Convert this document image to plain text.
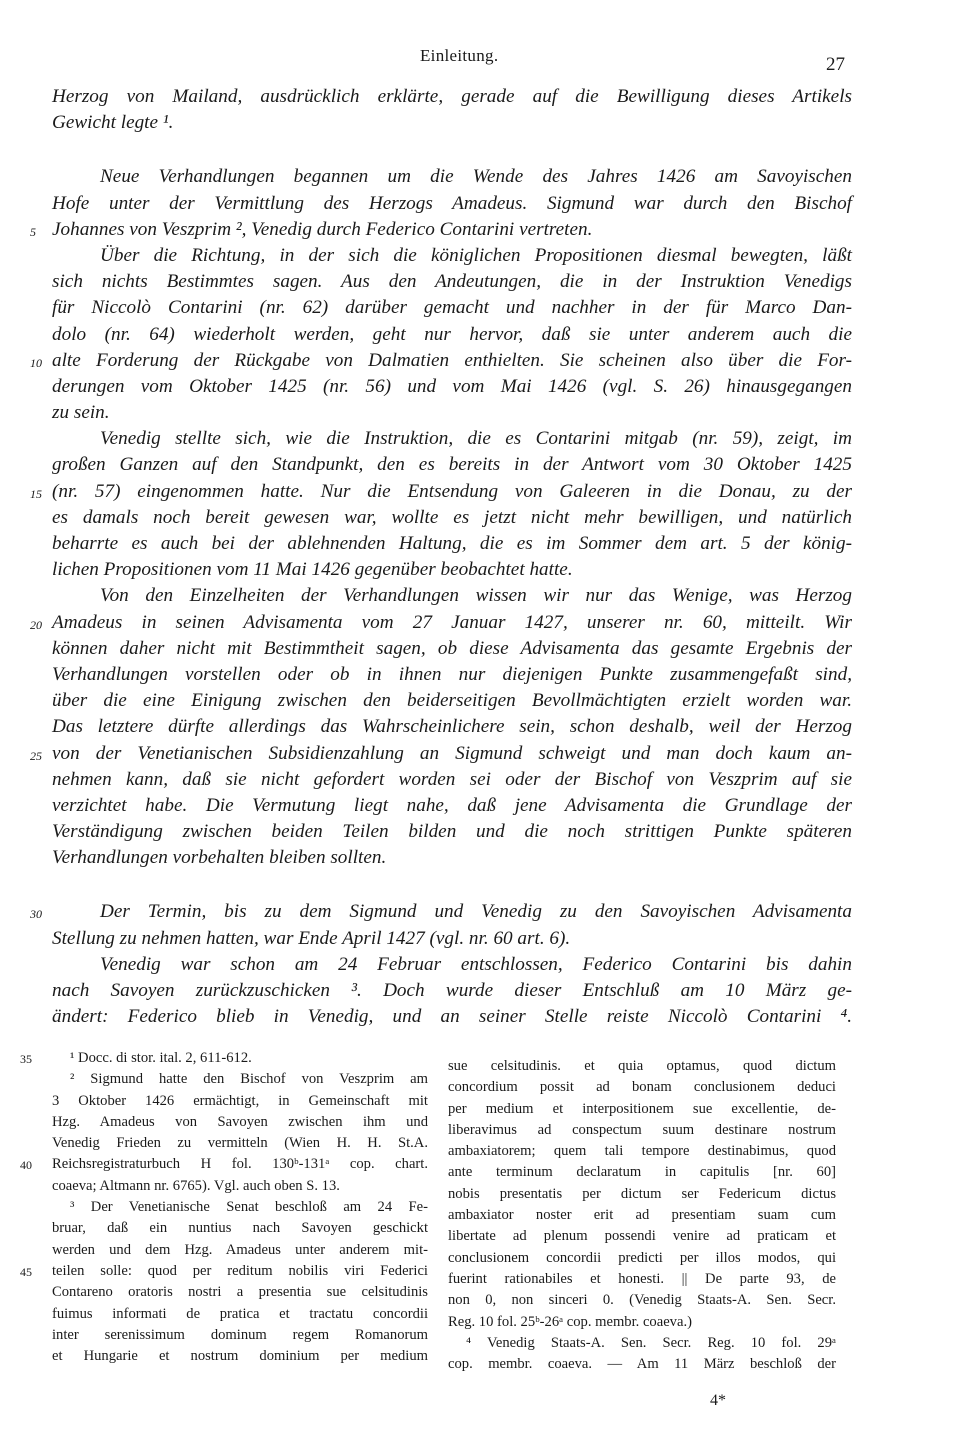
Einleitung.	27
Herzog von Mailand, ausdrücklich erklärte, gerade auf die Bewilligung dieses Artikels
Gewicht legte ¹.
Neue Verhandlungen begannen um die Wende des Jahres 1426 am Savoyischen
Hofe unter der Vermittlung des Herzogs Amadeus. Sigmund war durch den Bischof
Johannes von Veszprim ², Venedig durch Federico Contarini vertreten.
5
Über die Richtung, in der sich die königlichen Propositionen diesmal bewegten, läßt
sich nichts Bestimmtes sagen. Aus den Andeutungen, die in der Instruktion Venedigs
für Niccolò Contarini (nr. 62) darüber gemacht und nachher in der für Marco Dan-
dolo (nr. 64) wiederholt werden, geht nur hervor, daß sie unter anderem auch die
alte Forderung der Rückgabe von Dalmatien enthielten. Sie scheinen also über die For-
10
derungen vom Oktober 1425 (nr. 56) und vom Mai 1426 (vgl. S. 26) hinausgegangen
zu sein.
Venedig stellte sich, wie die Instruktion, die es Contarini mitgab (nr. 59), zeigt, im
großen Ganzen auf den Standpunkt, den es bereits in der Antwort vom 30 Oktober 1425
(nr. 57) eingenommen hatte. Nur die Entsendung von Galeeren in die Donau, zu der
15
es damals noch bereit gewesen war, wollte es jetzt nicht mehr bewilligen, und natürlich
beharrte es auch bei der ablehnenden Haltung, die es im Sommer dem art. 5 der könig-
lichen Propositionen vom 11 Mai 1426 gegenüber beobachtet hatte.
Von den Einzelheiten der Verhandlungen wissen wir nur das Wenige, was Herzog
Amadeus in seinen Advisamenta vom 27 Januar 1427, unserer nr. 60, mitteilt. Wir
20
können daher nicht mit Bestimmtheit sagen, ob diese Advisamenta das gesamte Ergebnis der
Verhandlungen vorstellen oder ob in ihnen nur diejenigen Punkte zusammengefaßt sind,
über die eine Einigung zwischen den beiderseitigen Bevollmächtigten erzielt worden war.
Das letztere dürfte allerdings das Wahrscheinlichere sein, schon deshalb, weil der Herzog
von der Venetianischen Subsidienzahlung an Sigmund schweigt und man doch kaum an-
25
nehmen kann, daß sie nicht gefordert worden sei oder der Bischof von Veszprim auf sie
verzichtet habe. Die Vermutung liegt nahe, daß jene Advisamenta die Grundlage der
Verständigung zwischen beiden Teilen bilden und die noch strittigen Punkte späteren
Verhandlungen vorbehalten bleiben sollten.
Der Termin, bis zu dem Sigmund und Venedig zu den Savoyischen Advisamenta
30
Stellung zu nehmen hatten, war Ende April 1427 (vgl. nr. 60 art. 6).
Venedig war schon am 24 Februar entschlossen, Federico Contarini bis dahin
nach Savoyen zurückzuschicken ³. Doch wurde dieser Entschluß am 10 März ge-
ändert: Federico blieb in Venedig, und an seiner Stelle reiste Niccolò Contarini ⁴.
¹ Docc. di stor. ital. 2, 611-612.
35
² Sigmund hatte den Bischof von Veszprim am
3 Oktober 1426 ermächtigt, in Gemeinschaft mit
Hzg. Amadeus von Savoyen zwischen ihm und
Venedig Frieden zu vermitteln (Wien H. H. St.A.
Reichsregistraturbuch H fol. 130ᵇ-131ᵃ cop. chart.
40
coaeva; Altmann nr. 6765). Vgl. auch oben S. 13.
³ Der Venetianische Senat beschloß am 24 Fe-
bruar, daß ein nuntius nach Savoyen geschickt
werden und dem Hzg. Amadeus unter anderem mit-
teilen solle: quod per reditum nobilis viri Federici
45
Contareno oratoris nostri a presentia sue celsitudinis
fuimus informati de pratica et tractatu concordii
inter serenissimum dominum regem Romanorum
et Hungarie et nostrum dominium per medium
sue celsitudinis. et quia optamus, quod dictum
concordium possit ad bonam conclusionem deduci
per medium et interpositionem sue excellentie, de-
liberavimus ad conspectum suum destinare nostrum
ambaxiatorem; quem tali tempore destinabimus, quod
ante terminum declaratum in capitulis [nr. 60]
nobis presentatis per dictum ser Federicum dictus
ambaxiator noster erit ad presentiam suam cum
libertate ad plenum possendi venire ad praticam et
conclusionem concordii predicti per illos modos, qui
fuerint rationabiles et honesti. || De parte 93, de
non 0, non sinceri 0. (Venedig Staats-A. Sen. Secr.
Reg. 10 fol. 25ᵇ-26ᵃ cop. membr. coaeva.)
⁴ Venedig Staats-A. Sen. Secr. Reg. 10 fol. 29ᵃ
cop. membr. coaeva. — Am 11 März beschloß der
4*
